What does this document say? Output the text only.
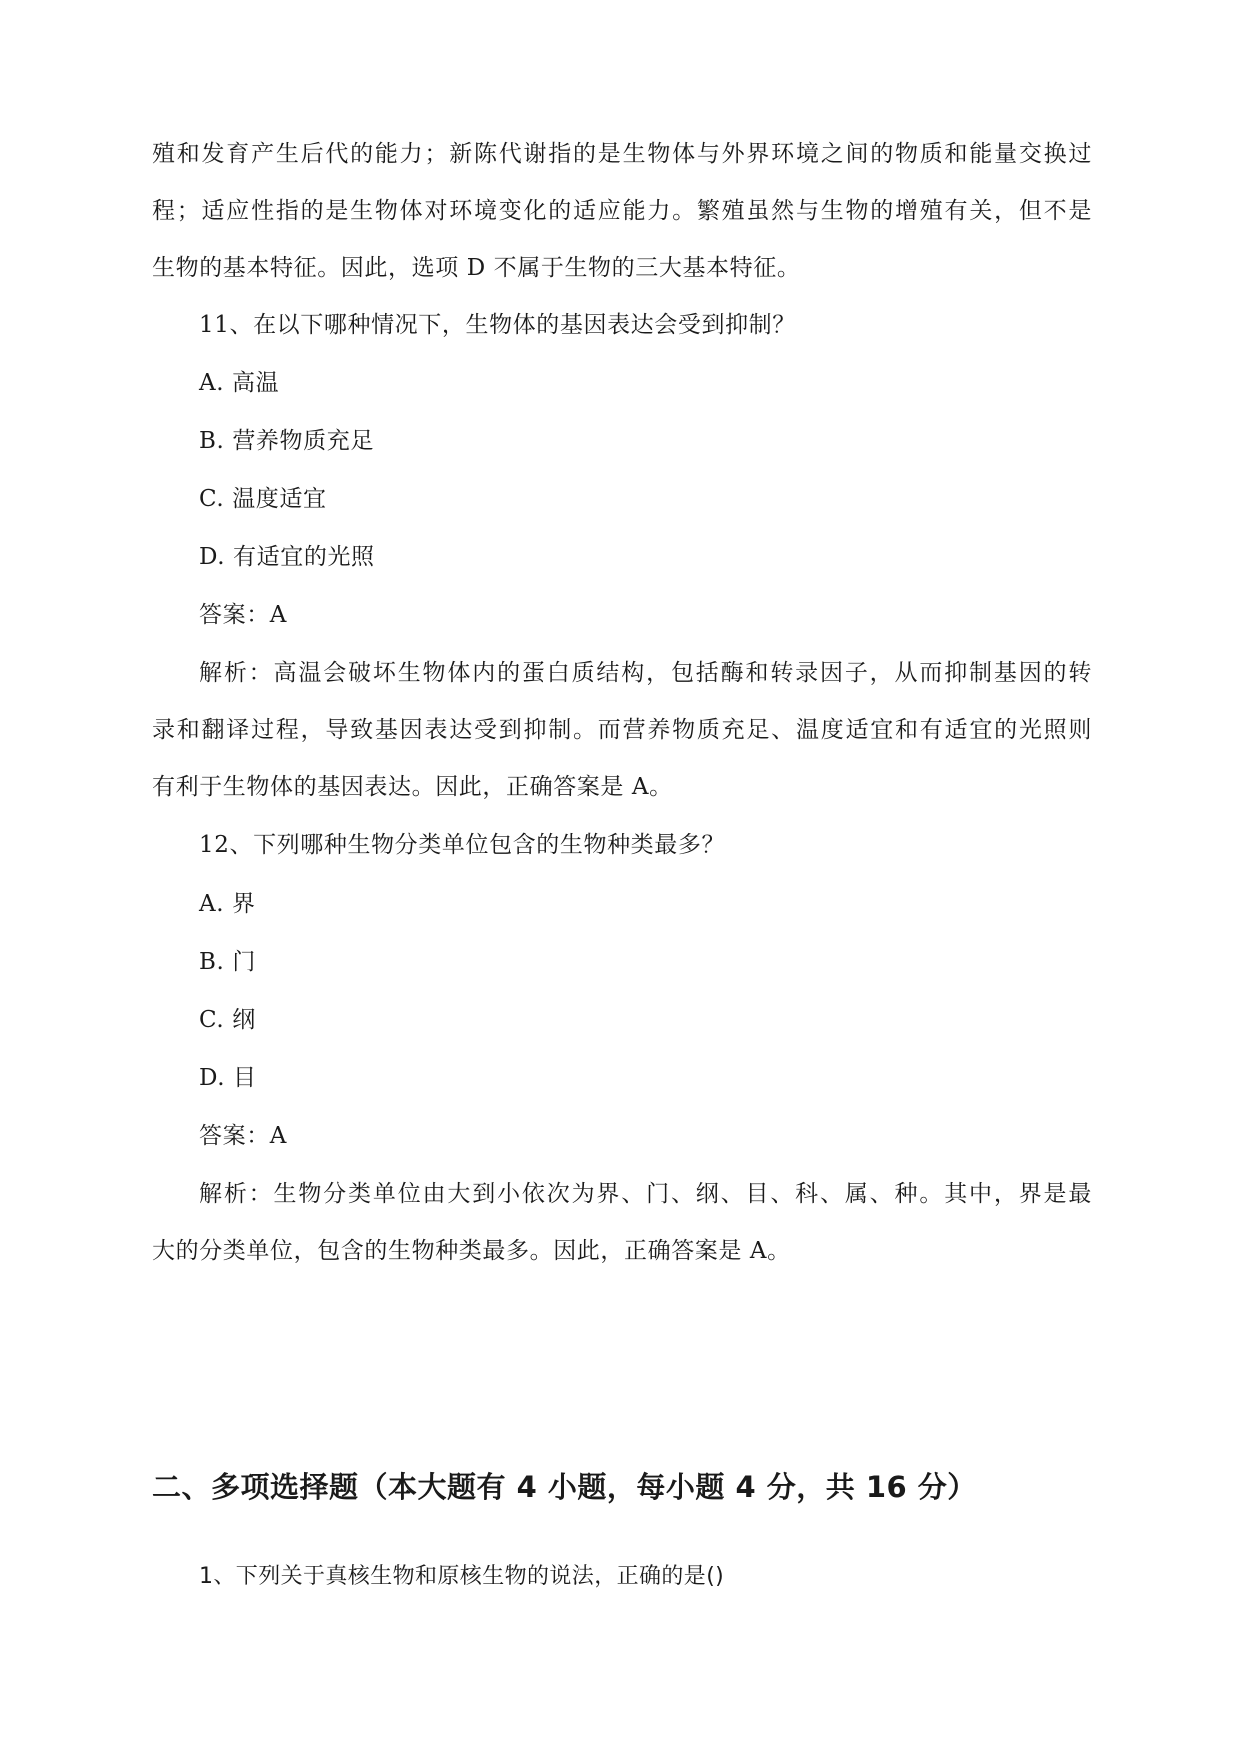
殖和发育产生后代的能力；新陈代谢指的是生物体与外界环境之间的物质和能量交换过
程；适应性指的是生物体对环境变化的适应能力。繁殖虽然与生物的增殖有关，但不是
生物的基本特征。因此，选项 D 不属于生物的三大基本特征。
11、在以下哪种情况下，生物体的基因表达会受到抑制？
A. 高温
B. 营养物质充足
C. 温度适宜
D. 有适宜的光照
答案：A
解析：高温会破坏生物体内的蛋白质结构，包括酶和转录因子，从而抑制基因的转
录和翻译过程，导致基因表达受到抑制。而营养物质充足、温度适宜和有适宜的光照则
有利于生物体的基因表达。因此，正确答案是 A。
12、下列哪种生物分类单位包含的生物种类最多？
A. 界
B. 门
C. 纲
D. 目
答案：A
解析：生物分类单位由大到小依次为界、门、纲、目、科、属、种。其中，界是最
大的分类单位，包含的生物种类最多。因此，正确答案是 A。
二、多项选择题（本大题有 4 小题，每小题 4 分，共 16 分）
1、下列关于真核生物和原核生物的说法，正确的是()
